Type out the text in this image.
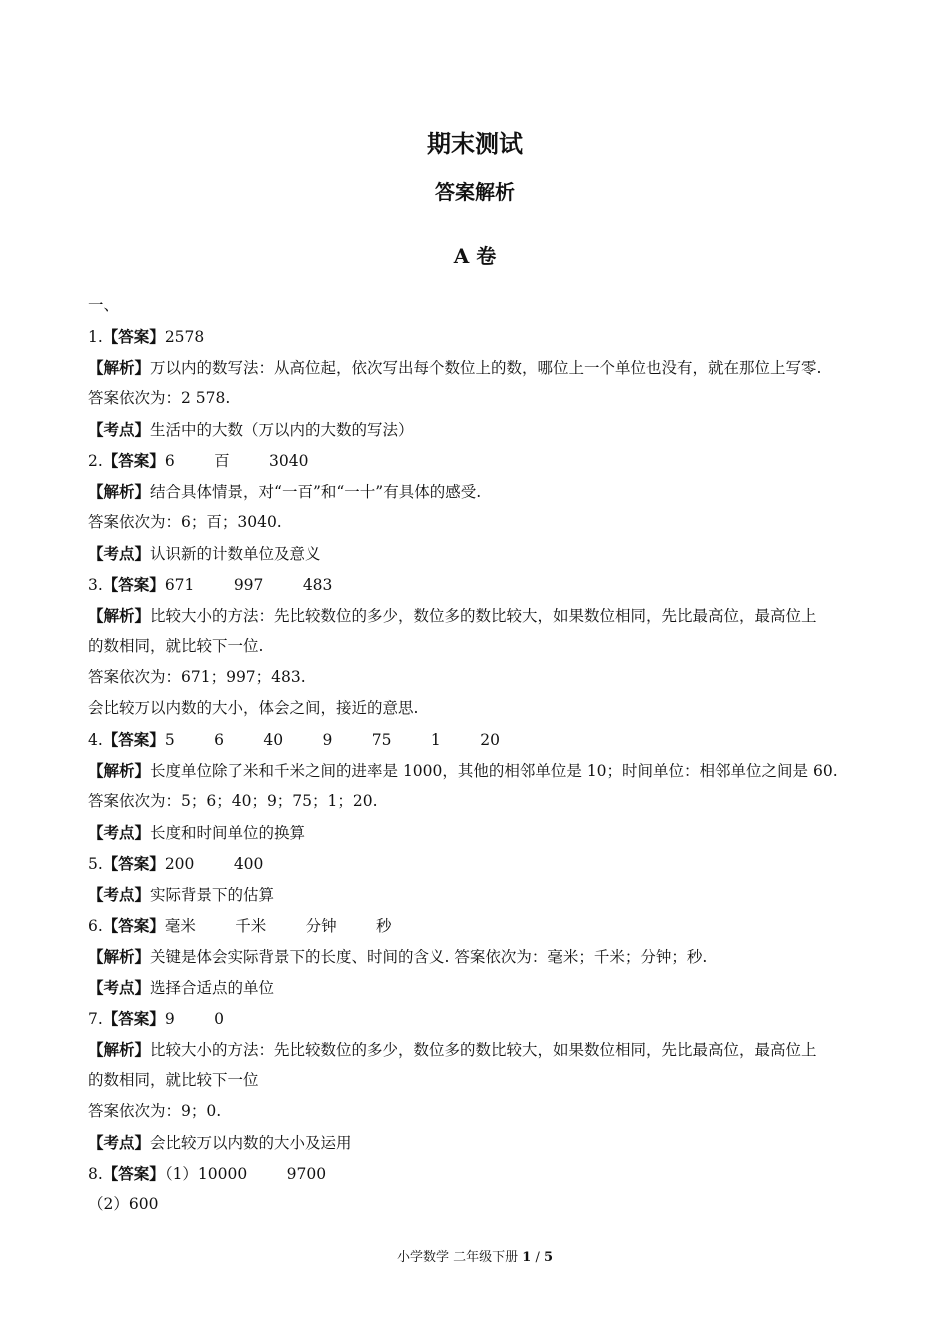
期末测试
答案解析
A 卷
一、
1.【答案】2578
【解析】万以内的数写法：从高位起，依次写出每个数位上的数，哪位上一个单位也没有，就在那位上写零.
答案依次为：2 578.
【考点】生活中的大数（万以内的大数的写法）
2.【答案】6        百        3040
【解析】结合具体情景，对“一百”和“一十”有具体的感受.
答案依次为：6；百；3040.
【考点】认识新的计数单位及意义
3.【答案】671        997        483
【解析】比较大小的方法：先比较数位的多少，数位多的数比较大，如果数位相同，先比最高位，最高位上
的数相同，就比较下一位.
答案依次为：671；997；483.
会比较万以内数的大小，体会之间，接近的意思.
4.【答案】5        6        40        9        75        1        20
【解析】长度单位除了米和千米之间的进率是 1000，其他的相邻单位是 10；时间单位：相邻单位之间是 60.
答案依次为：5；6；40；9；75；1；20.
【考点】长度和时间单位的换算
5.【答案】200        400
【考点】实际背景下的估算
6.【答案】毫米        千米        分钟        秒
【解析】关键是体会实际背景下的长度、时间的含义. 答案依次为：毫米；千米；分钟；秒.
【考点】选择合适点的单位
7.【答案】9        0
【解析】比较大小的方法：先比较数位的多少，数位多的数比较大，如果数位相同，先比最高位，最高位上
的数相同，就比较下一位
答案依次为：9；0.
【考点】会比较万以内数的大小及运用
8.【答案】（1）10000        9700
（2）600
小学数学 二年级下册 1 / 5
